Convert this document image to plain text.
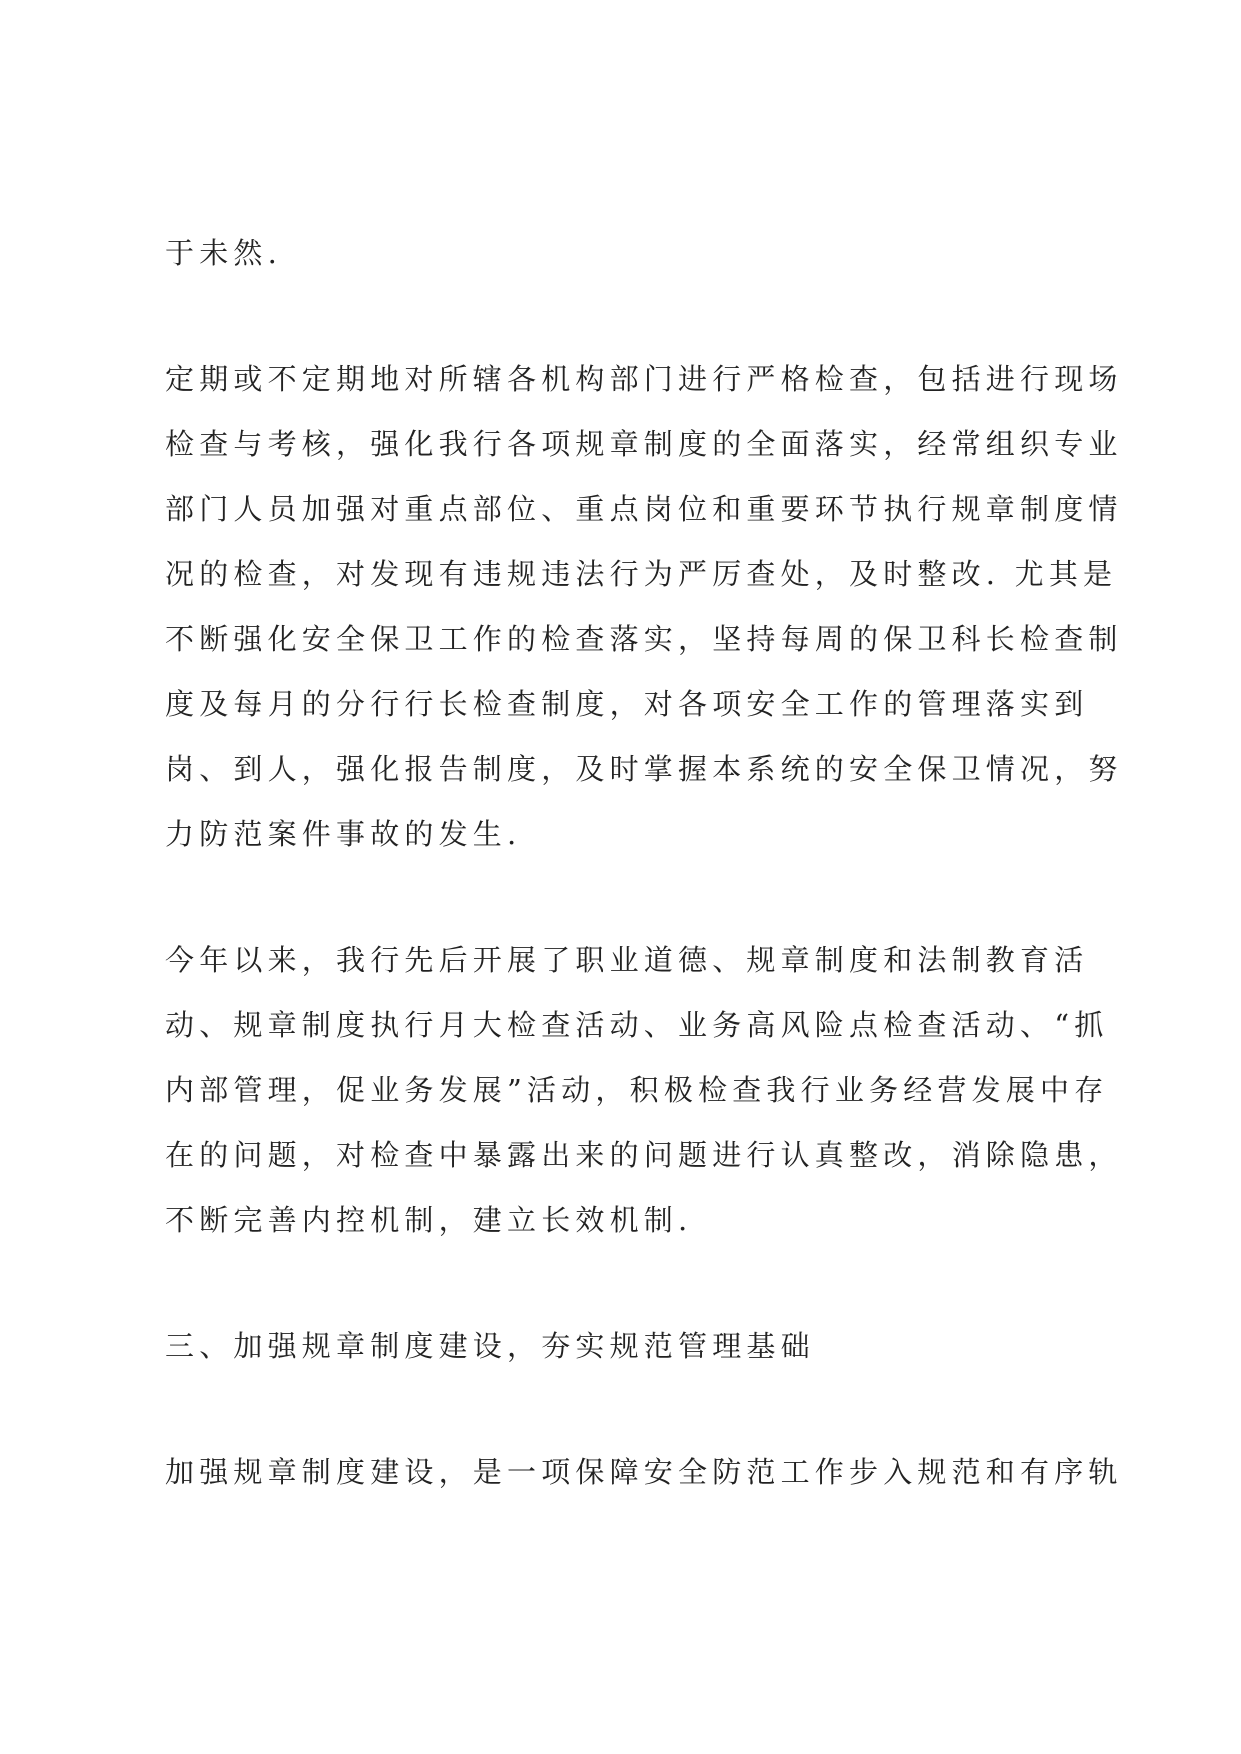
于未然.
定期或不定期地对所辖各机构部门进行严格检查，包括进行现场
检查与考核，强化我行各项规章制度的全面落实，经常组织专业
部门人员加强对重点部位、重点岗位和重要环节执行规章制度情
况的检查，对发现有违规违法行为严厉查处，及时整改. 尤其是
不断强化安全保卫工作的检查落实，坚持每周的保卫科长检查制
度及每月的分行行长检查制度，对各项安全工作的管理落实到
岗、到人，强化报告制度，及时掌握本系统的安全保卫情况，努
力防范案件事故的发生.
今年以来，我行先后开展了职业道德、规章制度和法制教育活
动、规章制度执行月大检查活动、业务高风险点检查活动、“抓
内部管理，促业务发展”活动，积极检查我行业务经营发展中存
在的问题，对检查中暴露出来的问题进行认真整改，消除隐患，
不断完善内控机制，建立长效机制.
三、加强规章制度建设，夯实规范管理基础
加强规章制度建设，是一项保障安全防范工作步入规范和有序轨
